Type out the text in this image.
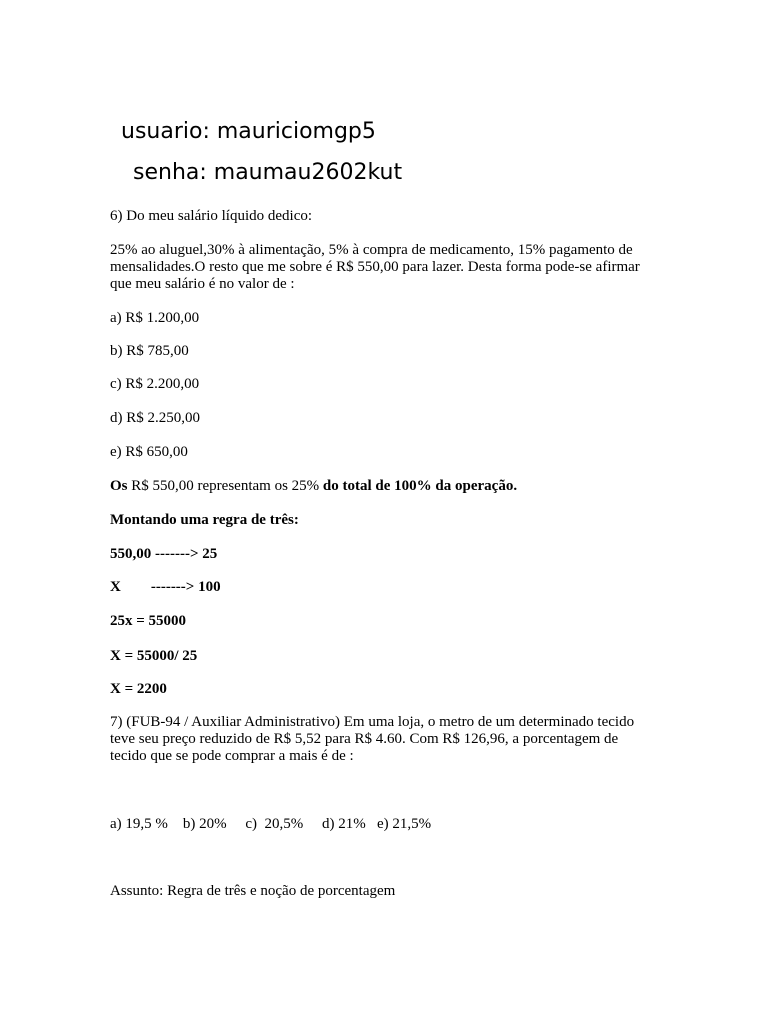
usuario: mauriciomgp5
senha: maumau2602kut

6) Do meu salário líquido dedico:

25% ao aluguel,30% à alimentação, 5% à compra de medicamento, 15% pagamento de
mensalidades.O resto que me sobre é R$ 550,00 para lazer. Desta forma pode-se afirmar
que meu salário é no valor de :

a) R$ 1.200,00

b) R$ 785,00

c) R$ 2.200,00

d) R$ 2.250,00

e) R$ 650,00

Os R$ 550,00 representam os 25% do total de 100% da operação.

Montando uma regra de três:

550,00 -------> 25

X        -------> 100

25x = 55000

X = 55000/ 25

X = 2200

7) (FUB-94 / Auxiliar Administrativo) Em uma loja, o metro de um determinado tecido
teve seu preço reduzido de R$ 5,52 para R$ 4.60. Com R$ 126,96, a porcentagem de
tecido que se pode comprar a mais é de :

a) 19,5 %    b) 20%     c)  20,5%     d) 21%   e) 21,5%

Assunto: Regra de três e noção de porcentagem
